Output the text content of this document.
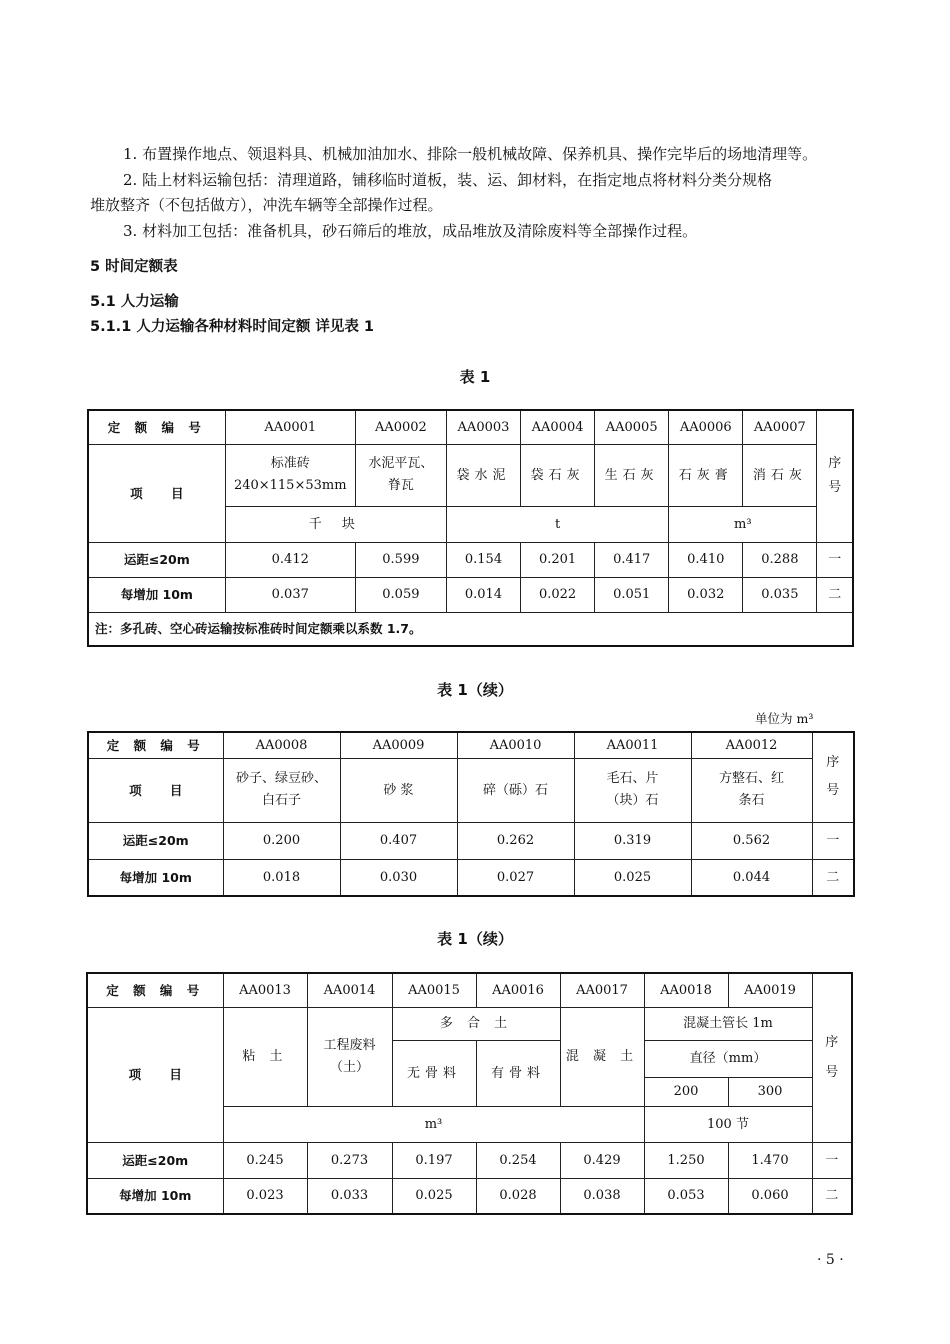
1. 布置操作地点、领退料具、机械加油加水、排除一般机械故障、保养机具、操作完毕后的场地清理等。
2. 陆上材料运输包括：清理道路，铺移临时道板，装、运、卸材料，在指定地点将材料分类分规格
堆放整齐（不包括做方），冲洗车辆等全部操作过程。
3. 材料加工包括：准备机具，砂石筛后的堆放，成品堆放及清除废料等全部操作过程。
5 时间定额表
5.1 人力运输
5.1.1 人力运输各种材料时间定额 详见表 1
表 1
定 额 编 号	AA0001	AA0002	AA0003	AA0004	AA0005	AA0006	AA0007	序号

项 目	标准砖 240×115×53mm	水泥平瓦、脊瓦	袋水泥	袋石灰	生石灰	石灰膏	消石灰	
	千 块		t			m³		
运距≤20m	0.412	0.599	0.154	0.201	0.417	0.410	0.288	一
每增加 10m	0.037	0.059	0.014	0.022	0.051	0.032	0.035	二
注：多孔砖、空心砖运输按标准砖时间定额乘以系数 1.7。								
表 1（续）
单位为 m³
定 额 编 号	AA0008	AA0009	AA0010	AA0011	AA0012	序号

项 目	砂子、绿豆砂、白石子	砂 浆	碎（砾）石	毛石、片（块）石	方整石、红条石	

运距≤20m	0.200	0.407	0.262	0.319	0.562	一
每增加 10m	0.018	0.030	0.027	0.025	0.044	二
表 1（续）
定 额 编 号	AA0013	AA0014	AA0015	AA0016	AA0017	AA0018	AA0019	序号

项 目	粘 土	工程废料（土）	多 合 土		混 凝 土	混凝土管长 1m		
			无骨料	有骨料		直径（mm）		
						200	300	
	m³					100 节		
运距≤20m	0.245	0.273	0.197	0.254	0.429	1.250	1.470	一
每增加 10m	0.023	0.033	0.025	0.028	0.038	0.053	0.060	二
· 5 ·
